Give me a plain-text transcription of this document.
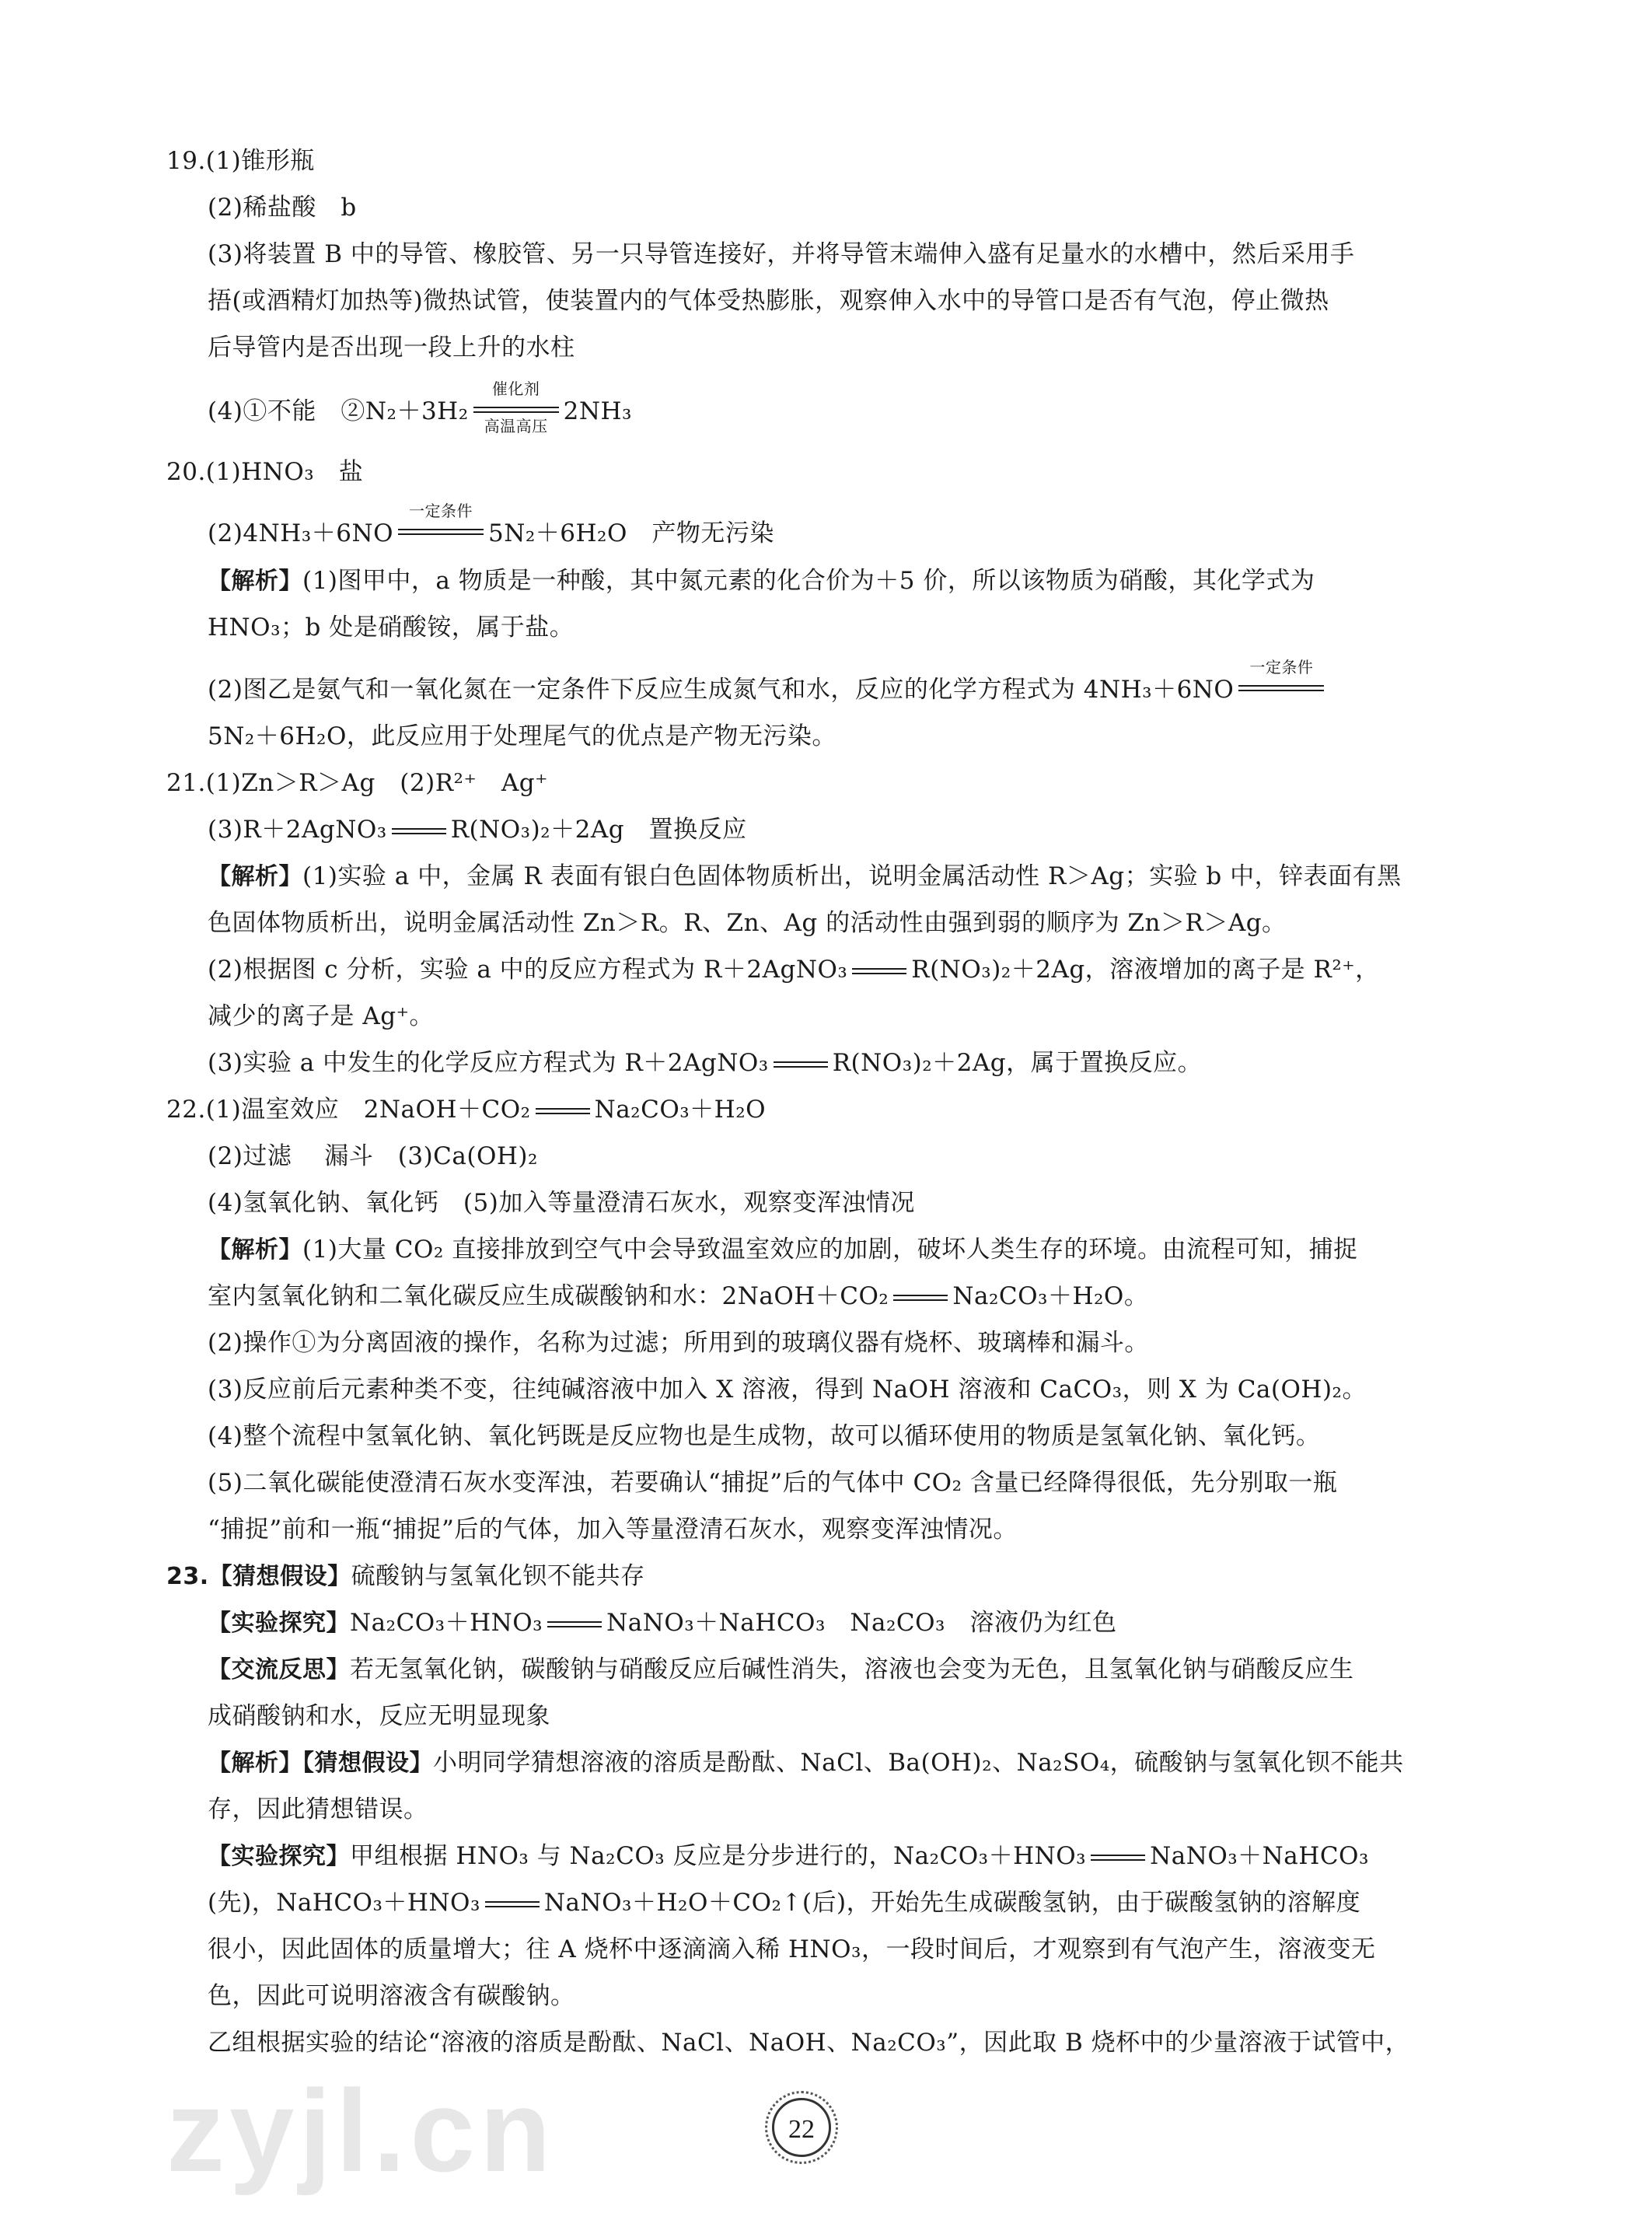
19.(1)锥形瓶
(2)稀盐酸　b
(3)将装置 B 中的导管、橡胶管、另一只导管连接好，并将导管末端伸入盛有足量水的水槽中，然后采用手
捂(或酒精灯加热等)微热试管，使装置内的气体受热膨胀，观察伸入水中的导管口是否有气泡，停止微热
后导管内是否出现一段上升的水柱
(4)①不能　②N₂＋3H₂
催化剂
高温高压
2NH₃
20.(1)HNO₃　盐
(2)4NH₃＋6NO
一定条件
5N₂＋6H₂O　产物无污染
【解析】(1)图甲中，a 物质是一种酸，其中氮元素的化合价为＋5 价，所以该物质为硝酸，其化学式为
HNO₃；b 处是硝酸铵，属于盐。
(2)图乙是氨气和一氧化氮在一定条件下反应生成氮气和水，反应的化学方程式为 4NH₃＋6NO
一定条件
5N₂＋6H₂O，此反应用于处理尾气的优点是产物无污染。
21.(1)Zn＞R＞Ag　(2)R²⁺　Ag⁺
(3)R＋2AgNO₃	R(NO₃)₂＋2Ag　置换反应
【解析】(1)实验 a 中，金属 R 表面有银白色固体物质析出，说明金属活动性 R＞Ag；实验 b 中，锌表面有黑
色固体物质析出，说明金属活动性 Zn＞R。R、Zn、Ag 的活动性由强到弱的顺序为 Zn＞R＞Ag。
(2)根据图 c 分析，实验 a 中的反应方程式为 R＋2AgNO₃	R(NO₃)₂＋2Ag，溶液增加的离子是 R²⁺，
减少的离子是 Ag⁺。
(3)实验 a 中发生的化学反应方程式为 R＋2AgNO₃	R(NO₃)₂＋2Ag，属于置换反应。
22.(1)温室效应　2NaOH＋CO₂	Na₂CO₃＋H₂O
(2)过滤　 漏斗　(3)Ca(OH)₂
(4)氢氧化钠、氧化钙　(5)加入等量澄清石灰水，观察变浑浊情况
【解析】(1)大量 CO₂ 直接排放到空气中会导致温室效应的加剧，破坏人类生存的环境。由流程可知，捕捉
室内氢氧化钠和二氧化碳反应生成碳酸钠和水：2NaOH＋CO₂	Na₂CO₃＋H₂O。
(2)操作①为分离固液的操作，名称为过滤；所用到的玻璃仪器有烧杯、玻璃棒和漏斗。
(3)反应前后元素种类不变，往纯碱溶液中加入 X 溶液，得到 NaOH 溶液和 CaCO₃，则 X 为 Ca(OH)₂。
(4)整个流程中氢氧化钠、氧化钙既是反应物也是生成物，故可以循环使用的物质是氢氧化钠、氧化钙。
(5)二氧化碳能使澄清石灰水变浑浊，若要确认“捕捉”后的气体中 CO₂ 含量已经降得很低，先分别取一瓶
“捕捉”前和一瓶“捕捉”后的气体，加入等量澄清石灰水，观察变浑浊情况。
23.【猜想假设】硫酸钠与氢氧化钡不能共存
【实验探究】Na₂CO₃＋HNO₃	NaNO₃＋NaHCO₃　Na₂CO₃　溶液仍为红色
【交流反思】若无氢氧化钠，碳酸钠与硝酸反应后碱性消失，溶液也会变为无色，且氢氧化钠与硝酸反应生
成硝酸钠和水，反应无明显现象
【解析】【猜想假设】小明同学猜想溶液的溶质是酚酞、NaCl、Ba(OH)₂、Na₂SO₄，硫酸钠与氢氧化钡不能共
存，因此猜想错误。
【实验探究】甲组根据 HNO₃ 与 Na₂CO₃ 反应是分步进行的，Na₂CO₃＋HNO₃	NaNO₃＋NaHCO₃
(先)，NaHCO₃＋HNO₃	NaNO₃＋H₂O＋CO₂↑(后)，开始先生成碳酸氢钠，由于碳酸氢钠的溶解度
很小，因此固体的质量增大；往 A 烧杯中逐滴滴入稀 HNO₃，一段时间后，才观察到有气泡产生，溶液变无
色，因此可说明溶液含有碳酸钠。
乙组根据实验的结论“溶液的溶质是酚酞、NaCl、NaOH、Na₂CO₃”，因此取 B 烧杯中的少量溶液于试管中，
zyjl.cn	22
